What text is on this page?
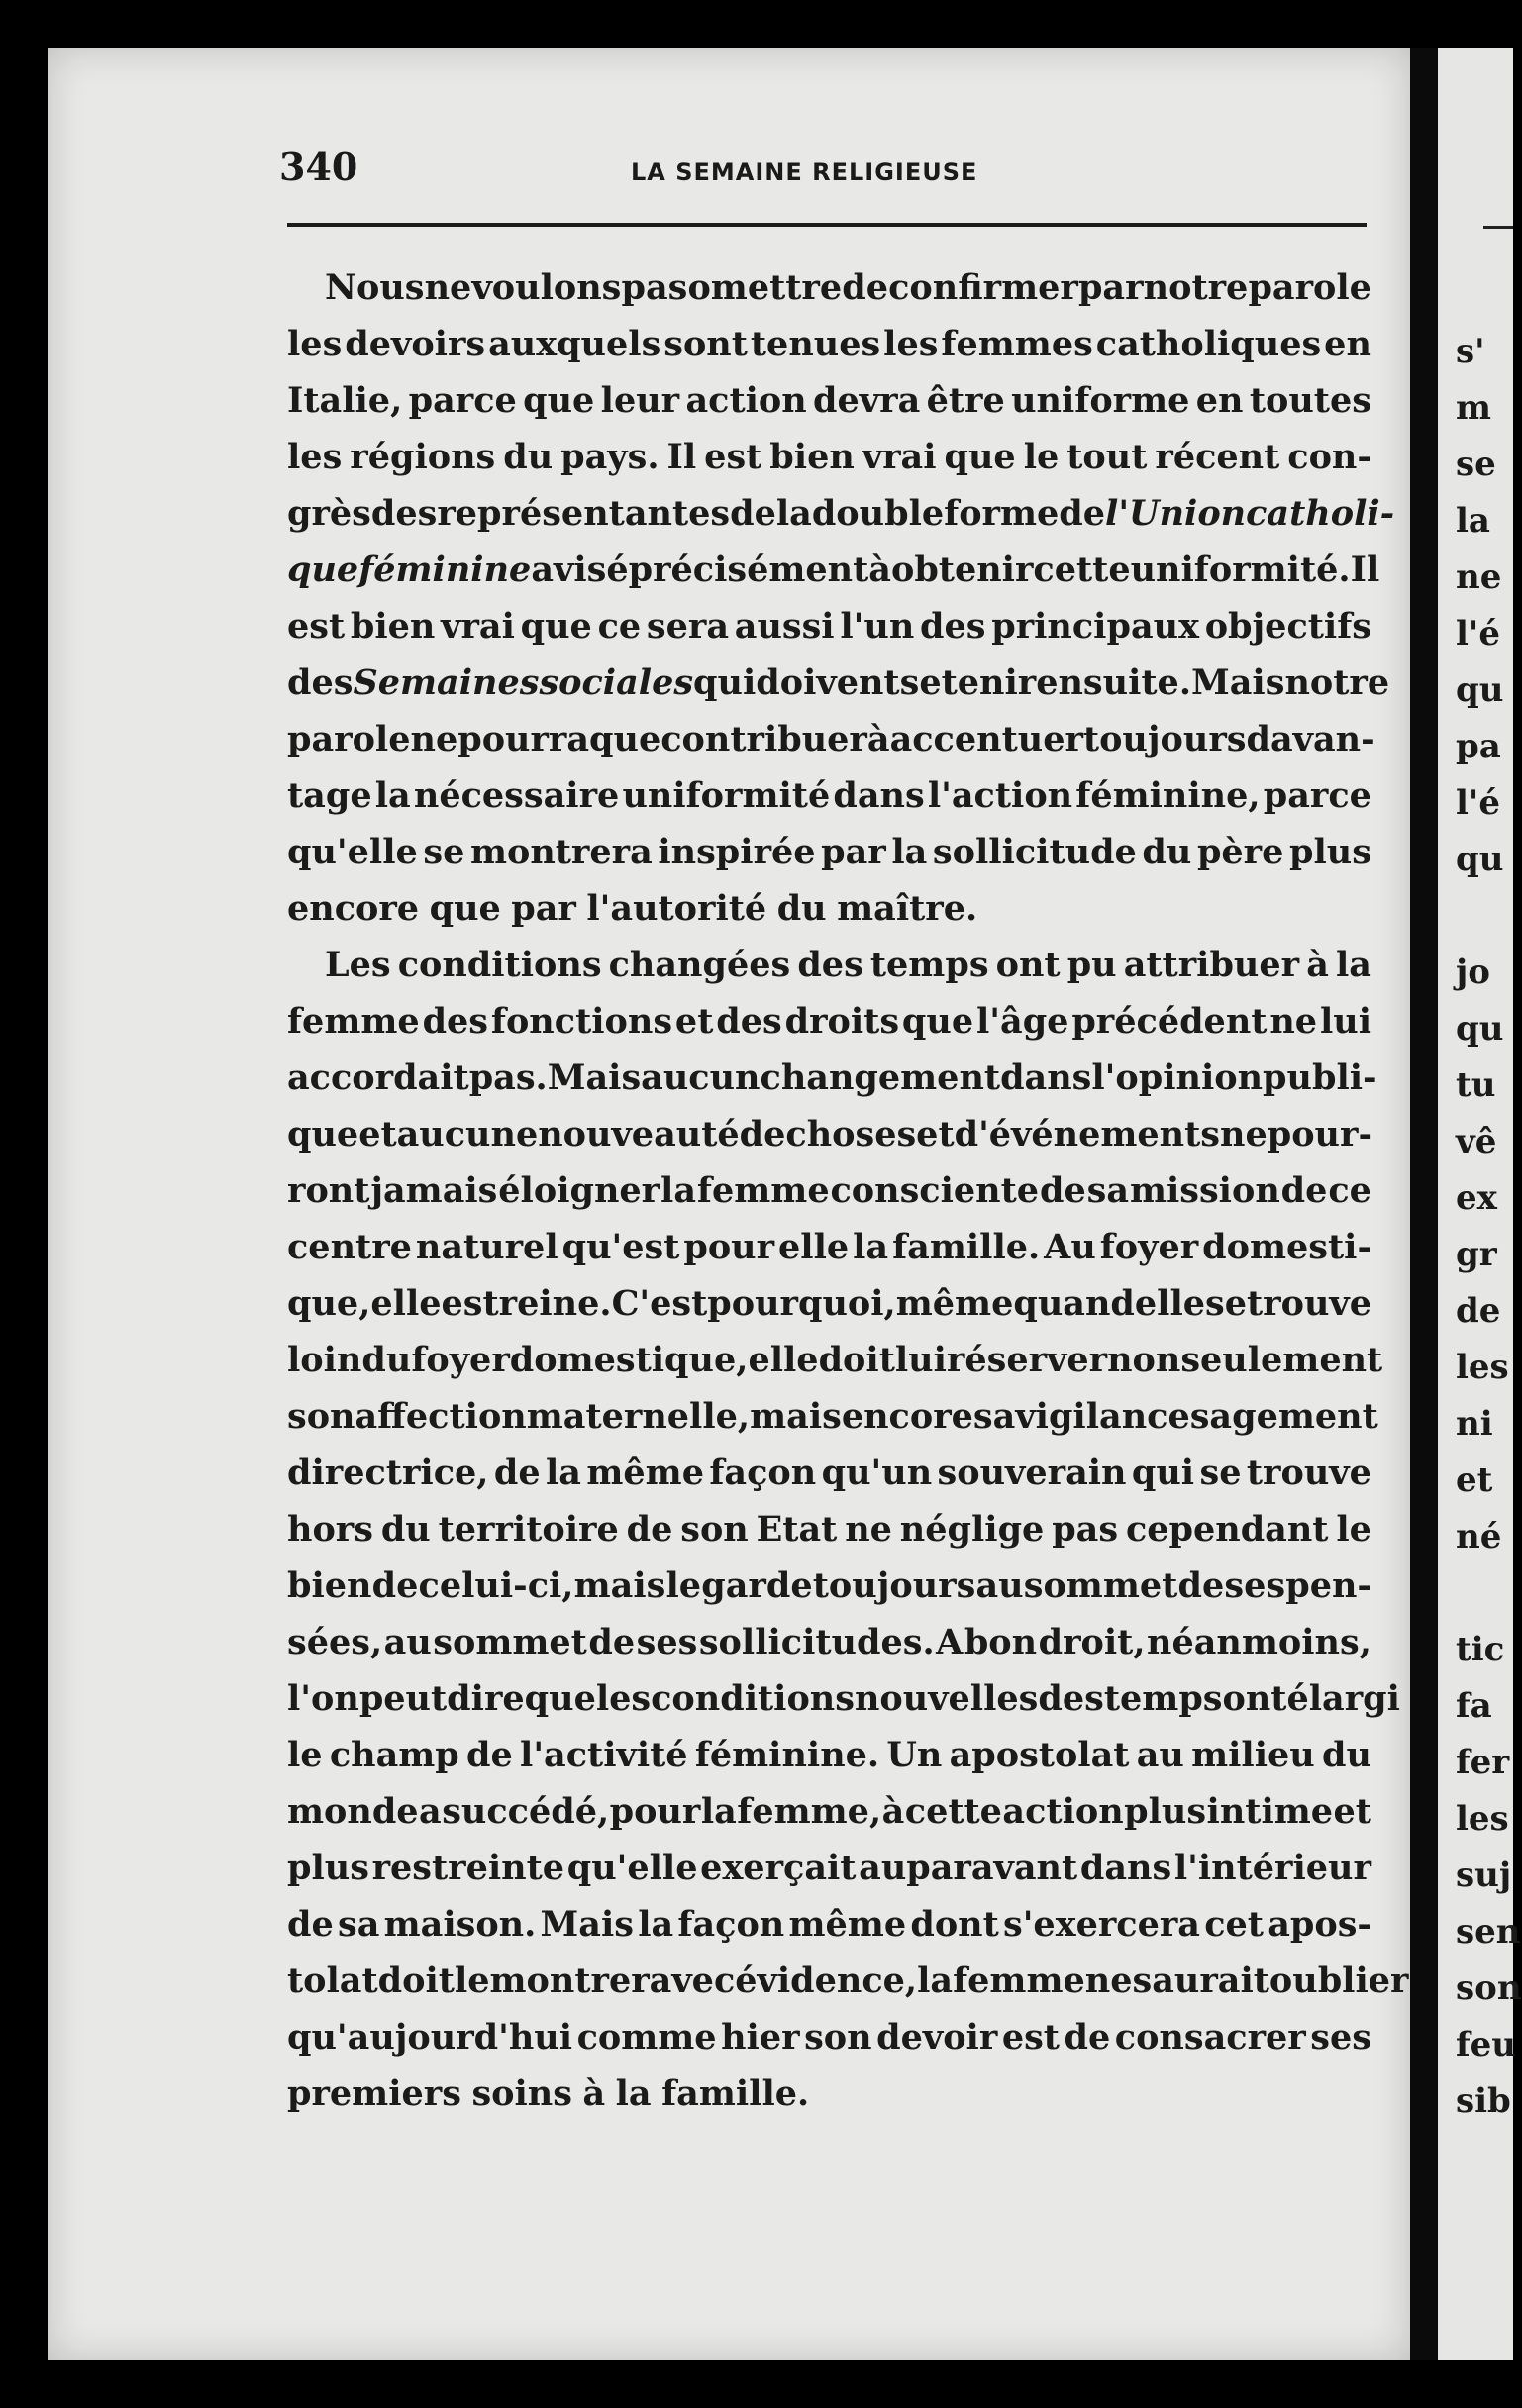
340	LA SEMAINE RELIGIEUSE
Nous ne voulons pas omettre de confirmer par notre parole
les devoirs auxquels sont tenues les femmes catholiques en
Italie, parce que leur action devra être uniforme en toutes
les régions du pays. Il est bien vrai que le tout récent con-
grès des représentantes de la double forme de l'Union catholi-
que féminine a visé précisément à obtenir cette uniformité. Il
est bien vrai que ce sera aussi l'un des principaux objectifs
des Semaines sociales qui doivent se tenir ensuite. Mais notre
parole ne pourra que contribuer à accentuer toujours davan-
tage la nécessaire uniformité dans l'action féminine, parce
qu'elle se montrera inspirée par la sollicitude du père plus
encore que par l'autorité du maître.
Les conditions changées des temps ont pu attribuer à la
femme des fonctions et des droits que l'âge précédent ne lui
accordait pas. Mais aucun changement dans l'opinion publi-
que et aucune nouveauté de choses et d'événements ne pour-
ront jamais éloigner la femme consciente de sa mission de ce
centre naturel qu'est pour elle la famille. Au foyer domesti-
que, elle est reine. C'est pourquoi, même quand elle se trouve
loin du foyer domestique, elle doit lui réserver non seulement
son affection maternelle, mais encore sa vigilance sagement
directrice, de la même façon qu'un souverain qui se trouve
hors du territoire de son Etat ne néglige pas cependant le
bien de celui-ci, mais le garde toujours au sommet de ses pen-
sées, au sommet de ses sollicitudes. A bon droit, néanmoins,
l'on peut dire que les conditions nouvelles des temps ont élargi
le champ de l'activité féminine. Un apostolat au milieu du
monde a succédé, pour la femme, à cette action plus intime et
plus restreinte qu'elle exerçait auparavant dans l'intérieur
de sa maison. Mais la façon même dont s'exercera cet apos-
tolat doit le montrer avec évidence, la femme ne saurait oublier
qu'aujourd'hui comme hier son devoir est de consacrer ses
premiers soins à la famille.
s'
m
se
la
ne
l'é
qu
pa
l'é
qu
jo
qu
tu
vê
ex
gr
de
les
ni
et
né
tic
fa
fer
les
suj
sen
son
feu
sib
